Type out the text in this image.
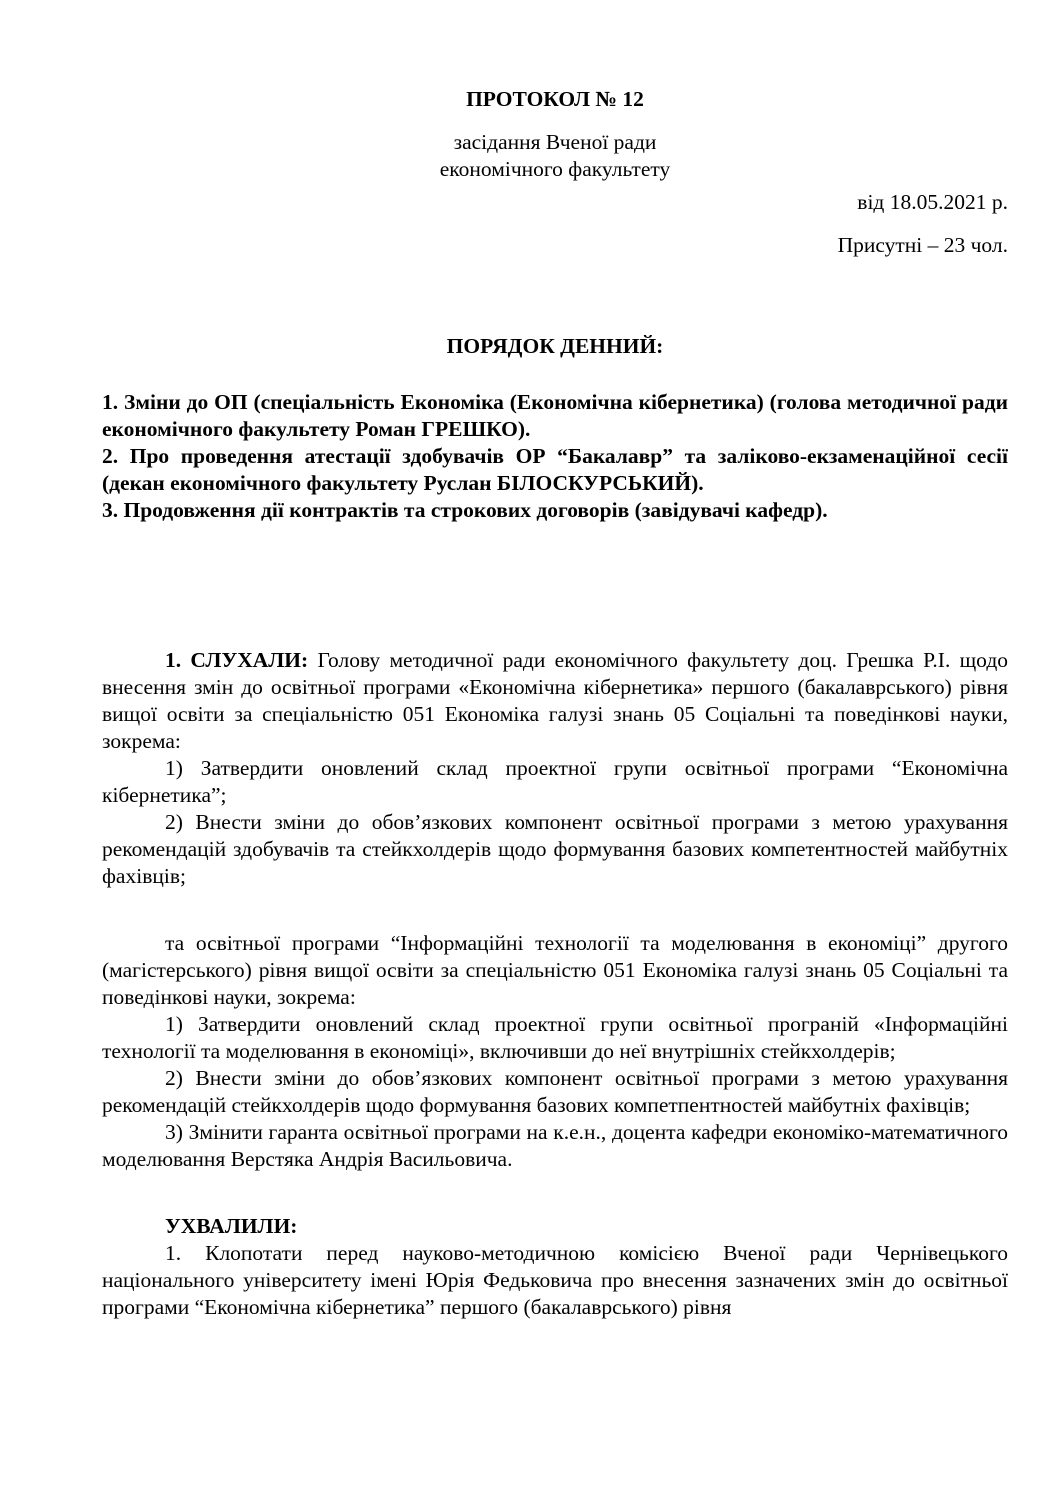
ПРОТОКОЛ № 12

засідання Вченої ради
економічного факультету

від 18.05.2021 р.

Присутні – 23 чол.

ПОРЯДОК ДЕННИЙ:

1. Зміни до ОП (спеціальність Економіка (Економічна кібернетика) (голова методичної ради економічного факультету Роман ГРЕШКО).
2. Про проведення атестації здобувачів ОР “Бакалавр” та заліково-екзаменаційної сесії (декан економічного факультету Руслан БІЛОСКУРСЬКИЙ).
3. Продовження дії контрактів та строкових договорів (завідувачі кафедр).

1. СЛУХАЛИ: Голову методичної ради економічного факультету доц. Грешка Р.І. щодо внесення змін до освітньої програми «Економічна кібернетика» першого (бакалаврського) рівня вищої освіти за спеціальністю 051 Економіка галузі знань 05 Соціальні та поведінкові науки, зокрема:

1) Затвердити оновлений склад проектної групи освітньої програми “Економічна кібернетика”;

2) Внести зміни до обов’язкових компонент освітньої програми з метою урахування рекомендацій здобувачів та стейкхолдерів щодо формування базових компетентностей майбутніх фахівців;

та освітньої програми “Інформаційні технології та моделювання в економіці” другого (магістерського) рівня вищої освіти за спеціальністю 051 Економіка галузі знань 05 Соціальні та поведінкові науки, зокрема:

1) Затвердити оновлений склад проектної групи освітньої програній «Інформаційні технології та моделювання в економіці», включивши до неї внутрішніх стейкхолдерів;

2) Внести зміни до обов’язкових компонент освітньої програми з метою урахування рекомендацій стейкхолдерів щодо формування базових компетпентностей майбутніх фахівців;

3) Змінити гаранта освітньої програми на к.е.н., доцента кафедри економіко-математичного моделювання Верстяка Андрія Васильовича.

УХВАЛИЛИ:

1. Клопотати перед науково-методичною комісією Вченої ради Чернівецького національного університету імені Юрія Федьковича про внесення зазначених змін до освітньої програми “Економічна кібернетика” першого (бакалаврського) рівня
